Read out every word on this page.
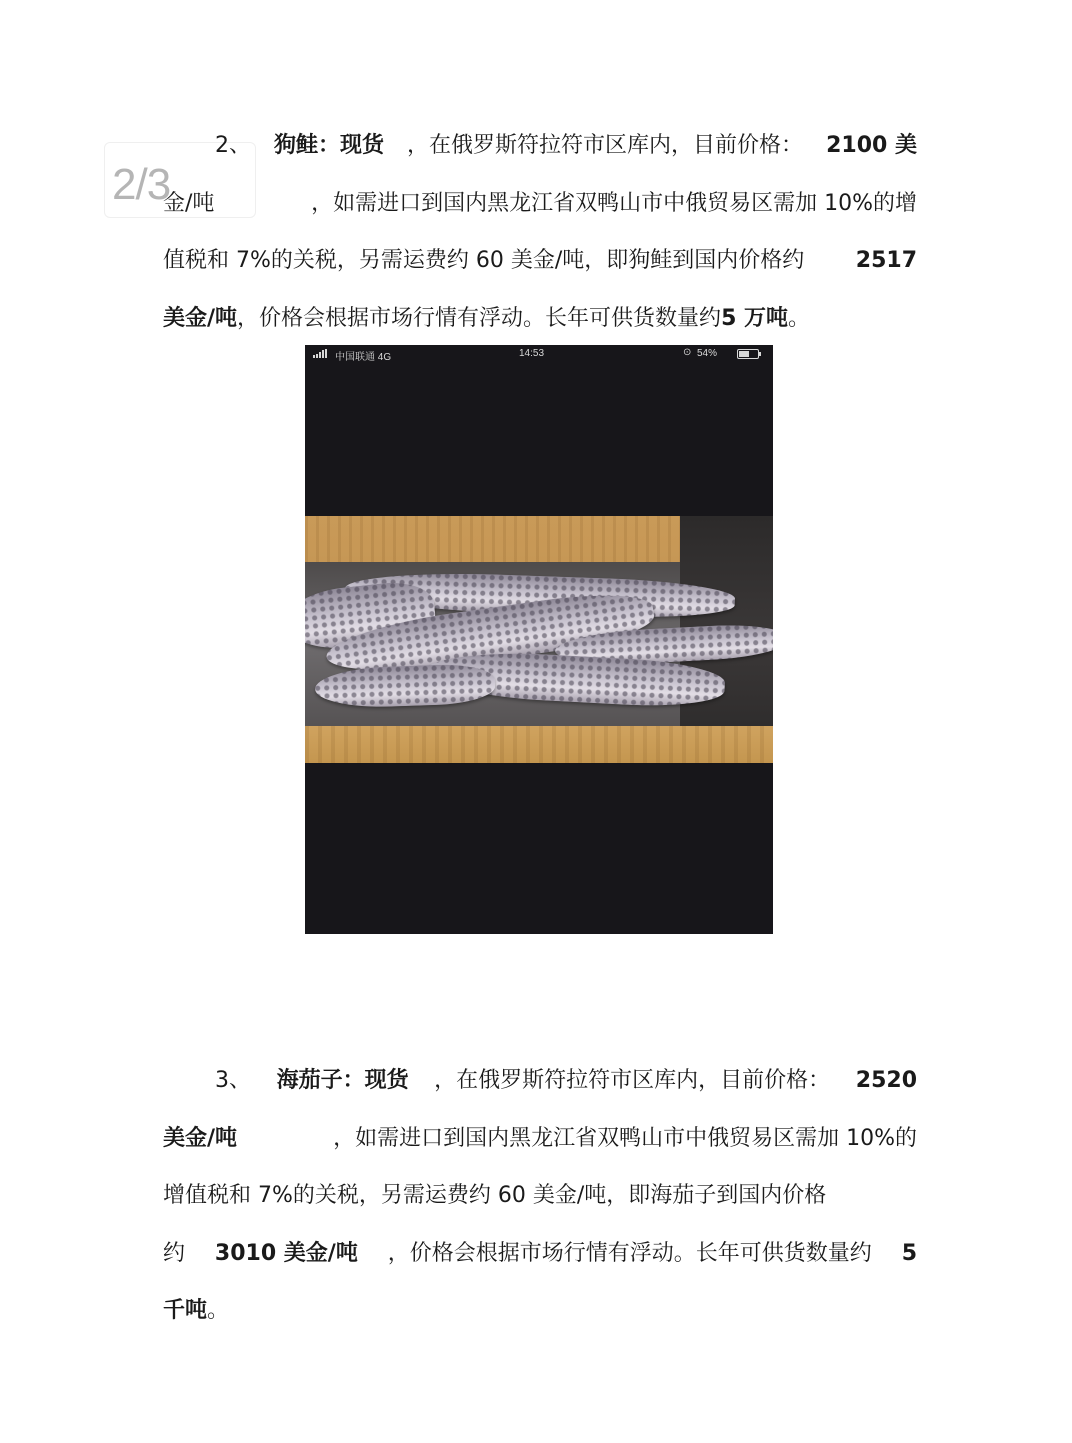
2/3
2、 狗鲑：现货 ，在俄罗斯符拉符市区库内，目前价格： 2100 美
金/吨	，如需进口到国内黑龙江省双鸭山市中俄贸易区需加 10%的增
值税和 7%的关税，另需运费约 60 美金/吨，即狗鲑到国内价格约 2517
美金/吨 ，价格会根据市场行情有浮动。长年可供货数量约 5 万吨 。
中国联通 4G	14:53	⊙ 54%
3、 海茄子：现货 ，在俄罗斯符拉符市区库内，目前价格： 2520
美金/吨	，如需进口到国内黑龙江省双鸭山市中俄贸易区需加 10%的
增值税和 7%的关税，另需运费约 60 美金/吨，即海茄子到国内价格
约 3010 美金/吨 ，价格会根据市场行情有浮动。长年可供货数量约 5
千吨 。
